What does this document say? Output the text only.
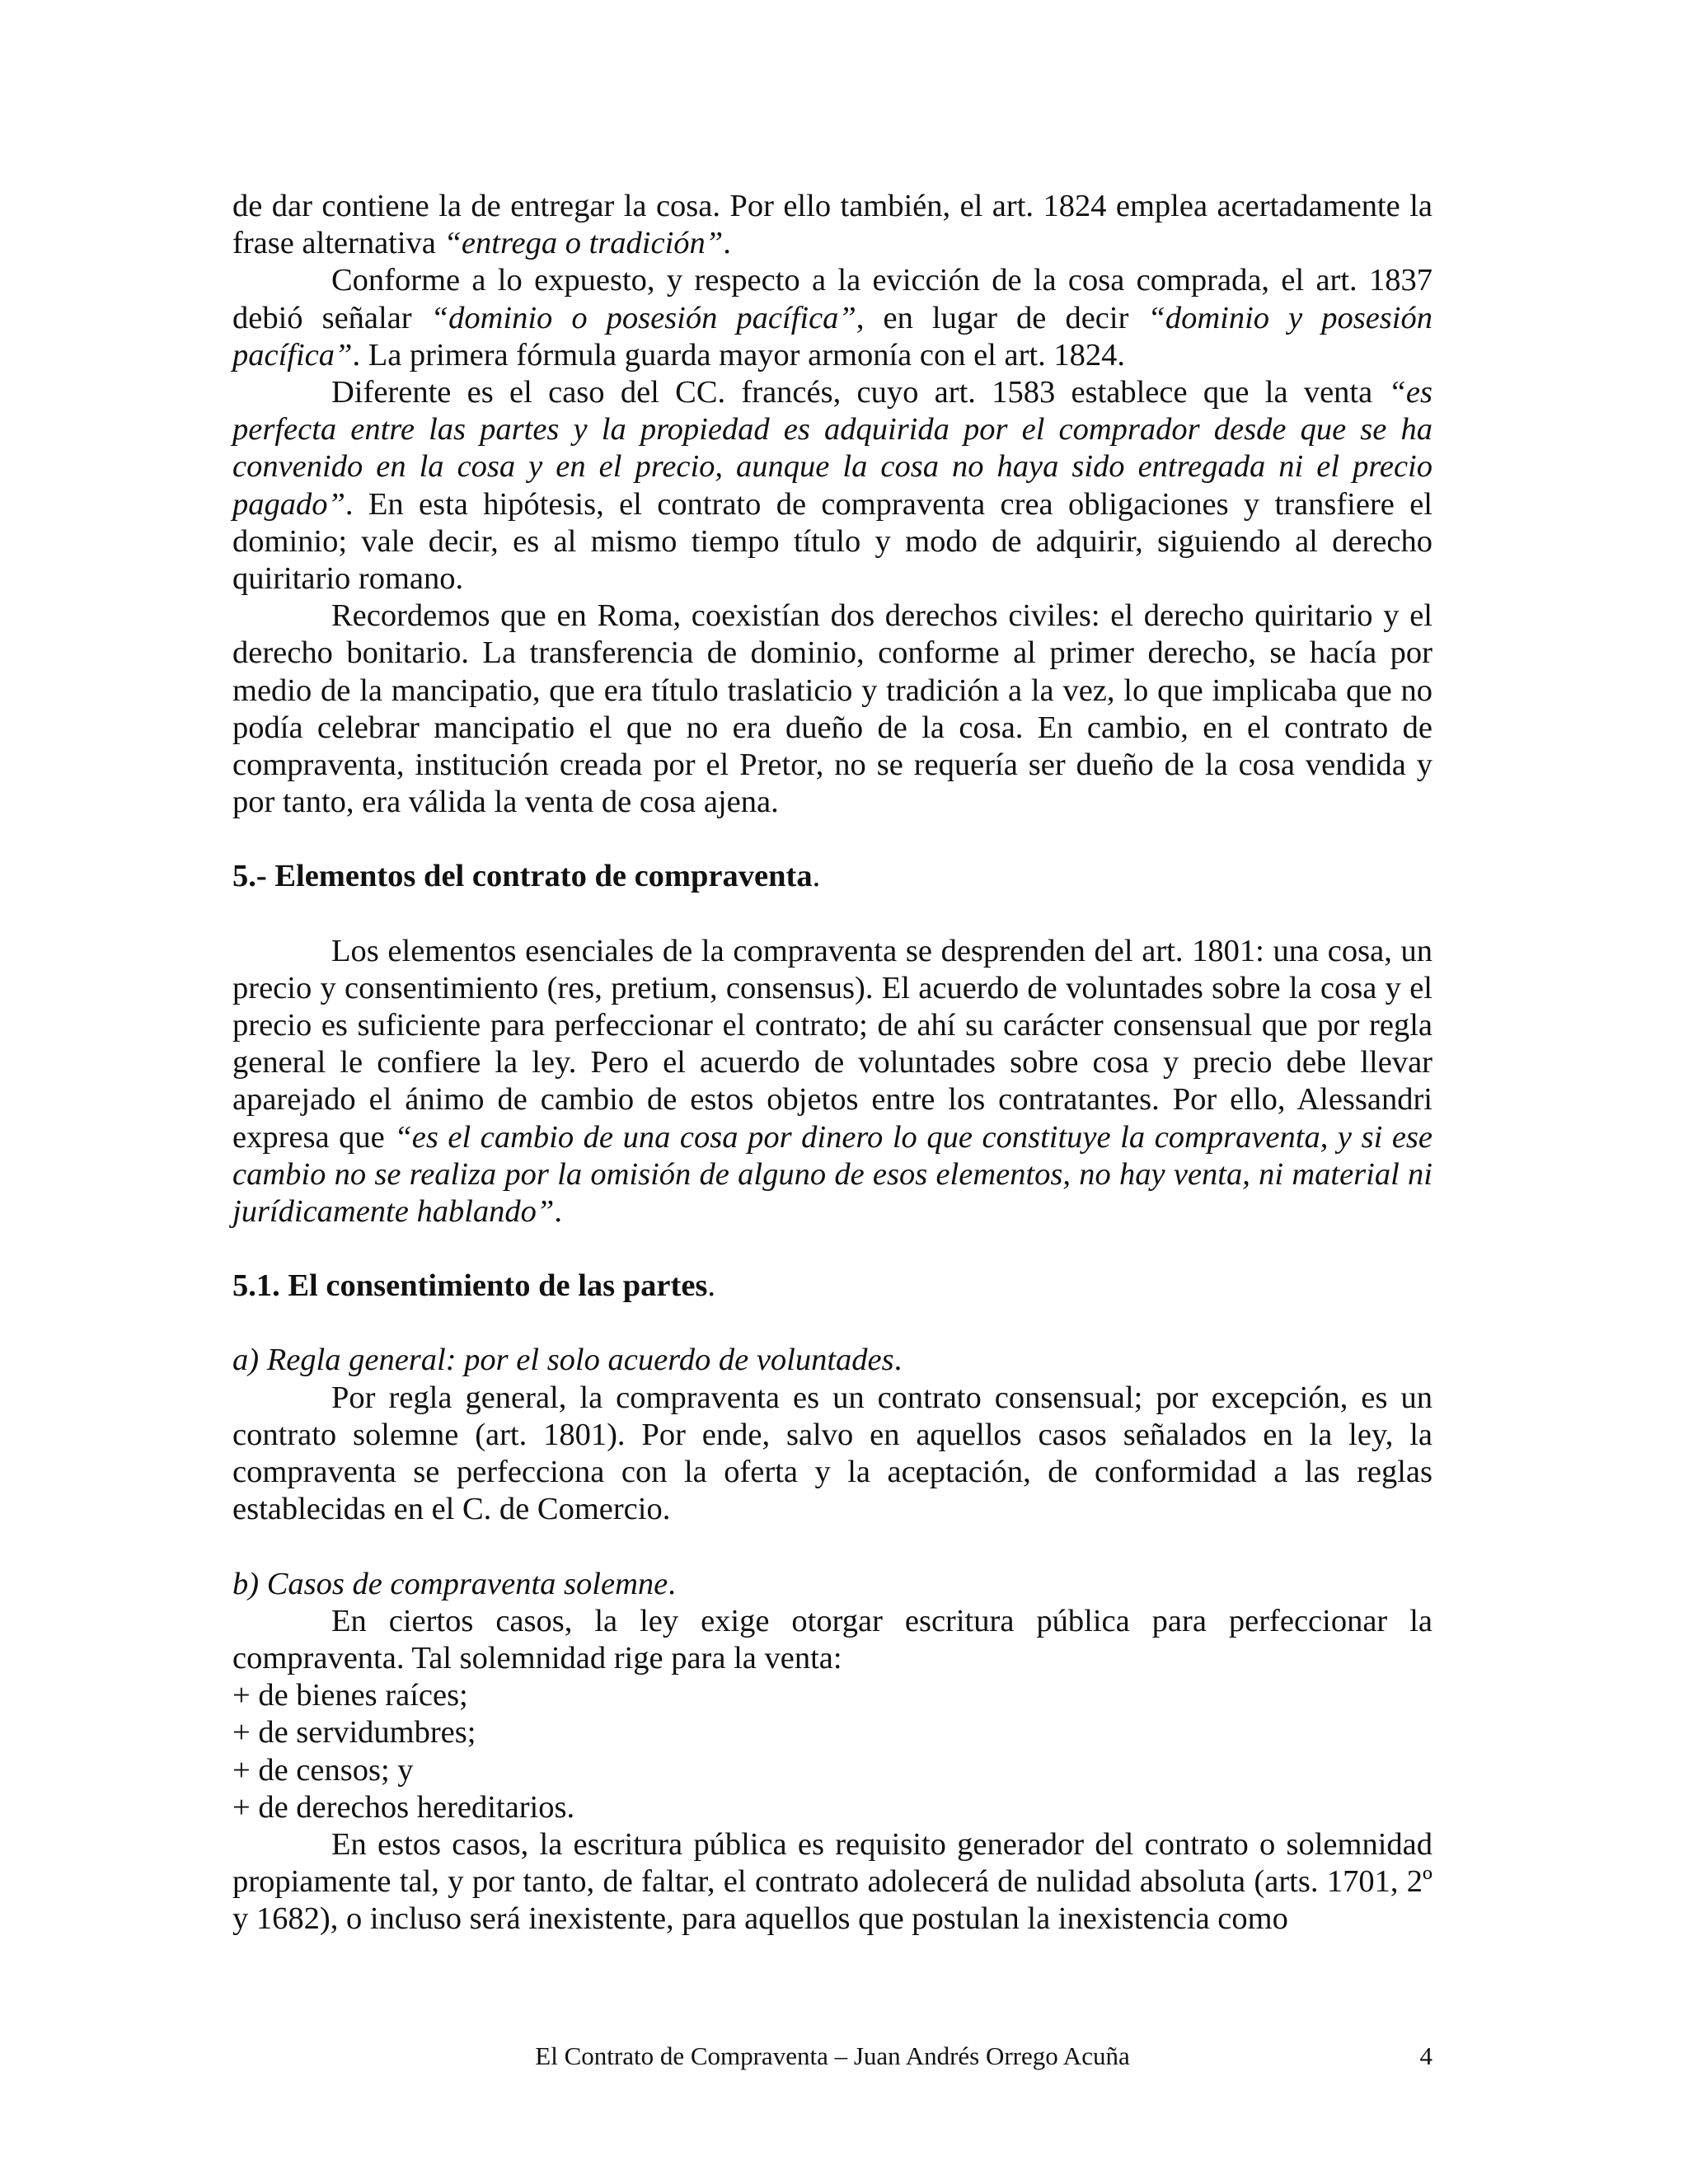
de dar contiene la de entregar la cosa. Por ello también, el art. 1824 emplea acertadamente la frase alternativa “entrega o tradición”.

Conforme a lo expuesto, y respecto a la evicción de la cosa comprada, el art. 1837 debió señalar “dominio o posesión pacífica”, en lugar de decir “dominio y posesión pacífica”. La primera fórmula guarda mayor armonía con el art. 1824.

Diferente es el caso del CC. francés, cuyo art. 1583 establece que la venta “es perfecta entre las partes y la propiedad es adquirida por el comprador desde que se ha convenido en la cosa y en el precio, aunque la cosa no haya sido entregada ni el precio pagado”. En esta hipótesis, el contrato de compraventa crea obligaciones y transfiere el dominio; vale decir, es al mismo tiempo título y modo de adquirir, siguiendo al derecho quiritario romano.

Recordemos que en Roma, coexistían dos derechos civiles: el derecho quiritario y el derecho bonitario. La transferencia de dominio, conforme al primer derecho, se hacía por medio de la mancipatio, que era título traslaticio y tradición a la vez, lo que implicaba que no podía celebrar mancipatio el que no era dueño de la cosa. En cambio, en el contrato de compraventa, institución creada por el Pretor, no se requería ser dueño de la cosa vendida y por tanto, era válida la venta de cosa ajena.

5.- Elementos del contrato de compraventa.

Los elementos esenciales de la compraventa se desprenden del art. 1801: una cosa, un precio y consentimiento (res, pretium, consensus). El acuerdo de voluntades sobre la cosa y el precio es suficiente para perfeccionar el contrato; de ahí su carácter consensual que por regla general le confiere la ley. Pero el acuerdo de voluntades sobre cosa y precio debe llevar aparejado el ánimo de cambio de estos objetos entre los contratantes. Por ello, Alessandri expresa que “es el cambio de una cosa por dinero lo que constituye la compraventa, y si ese cambio no se realiza por la omisión de alguno de esos elementos, no hay venta, ni material ni jurídicamente hablando”.

5.1. El consentimiento de las partes.

a) Regla general: por el solo acuerdo de voluntades.

Por regla general, la compraventa es un contrato consensual; por excepción, es un contrato solemne (art. 1801). Por ende, salvo en aquellos casos señalados en la ley, la compraventa se perfecciona con la oferta y la aceptación, de conformidad a las reglas establecidas en el C. de Comercio.

b) Casos de compraventa solemne.

En ciertos casos, la ley exige otorgar escritura pública para perfeccionar la compraventa. Tal solemnidad rige para la venta:

+ de bienes raíces;

+ de servidumbres;

+ de censos; y

+ de derechos hereditarios.

En estos casos, la escritura pública es requisito generador del contrato o solemnidad propiamente tal, y por tanto, de faltar, el contrato adolecerá de nulidad absoluta (arts. 1701, 2º y 1682), o incluso será inexistente, para aquellos que postulan la inexistencia como

El Contrato de Compraventa – Juan Andrés Orrego Acuña	4
